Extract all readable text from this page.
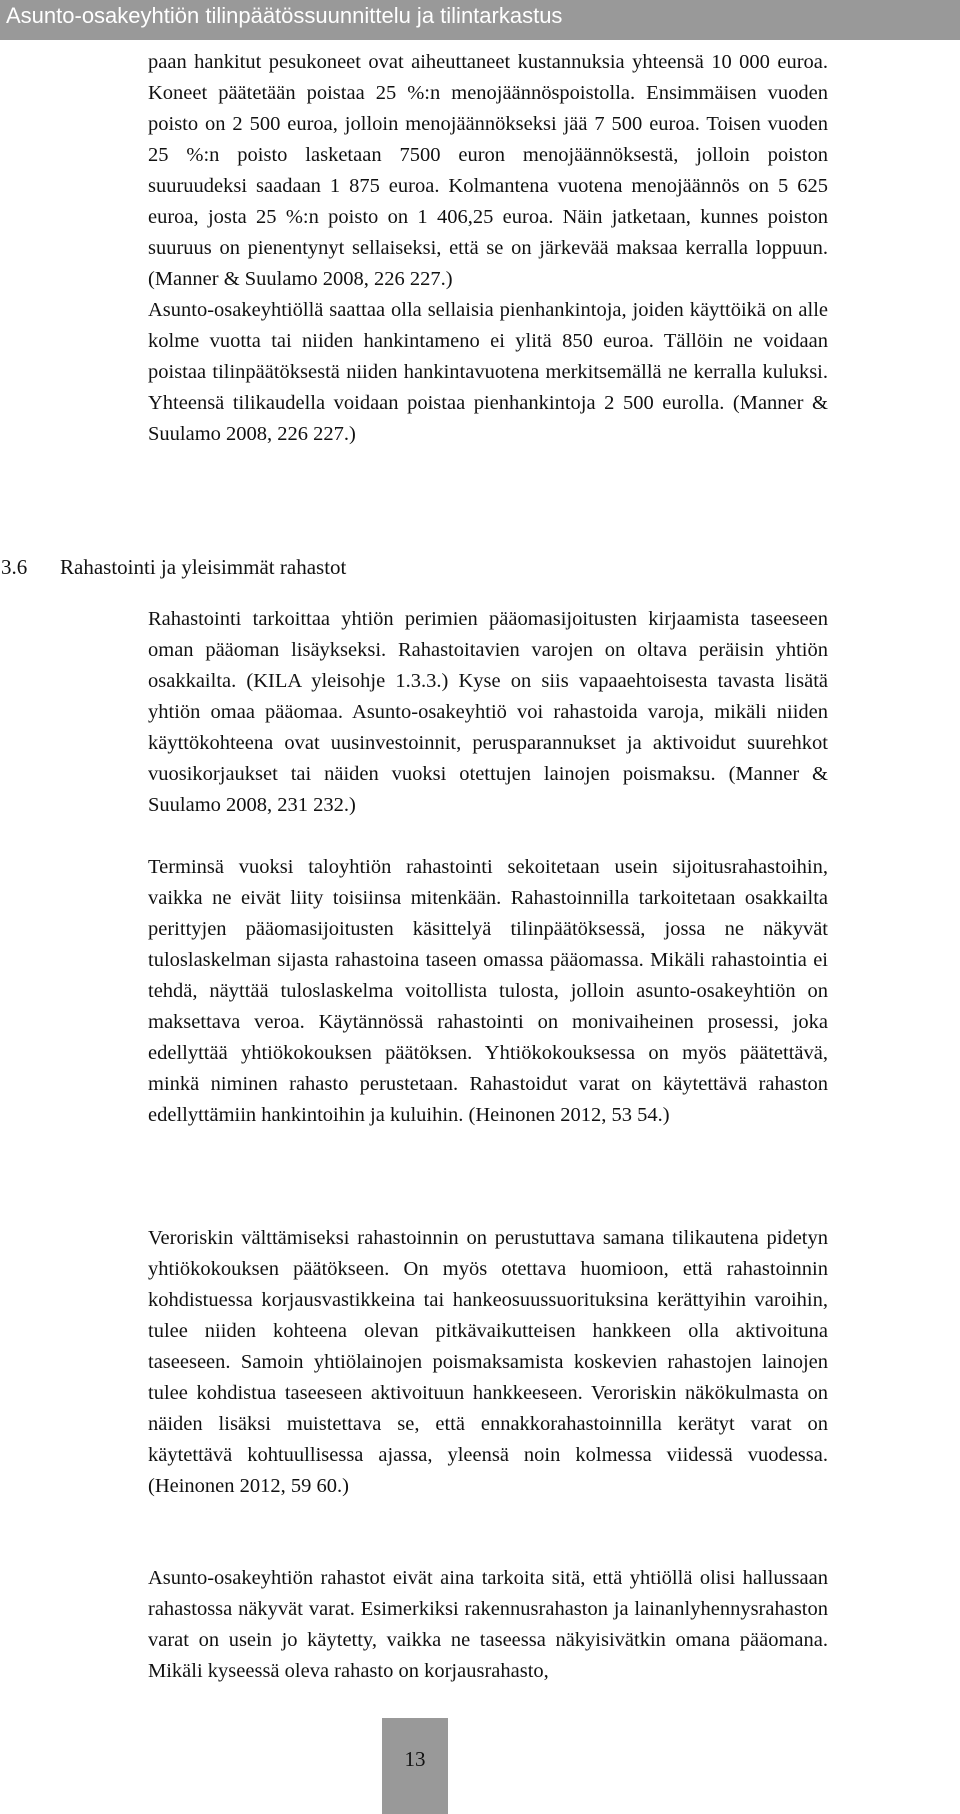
Asunto-osakeyhtiön tilinpäätössuunnittelu ja tilintarkastus

paan hankitut pesukoneet ovat aiheuttaneet kustannuksia yhteensä 10 000 euroa. Koneet päätetään poistaa 25 %:n menojäännöspoistolla. Ensimmäisen vuoden poisto on 2 500 euroa, jolloin menojäännökseksi jää 7 500 euroa. Toisen vuoden 25 %:n poisto lasketaan 7500 euron menojäännöksestä, jolloin poiston suuruudeksi saadaan 1 875 euroa. Kolmantena vuotena menojäännös on 5 625 euroa, josta 25 %:n poisto on 1 406,25 euroa. Näin jatketaan, kunnes poiston suuruus on pienentynyt sellaiseksi, että se on järkevää maksaa kerralla loppuun. (Manner & Suulamo 2008, 226 227.)

Asunto-osakeyhtiöllä saattaa olla sellaisia pienhankintoja, joiden käyttöikä on alle kolme vuotta tai niiden hankintameno ei ylitä 850 euroa. Tällöin ne voidaan poistaa tilinpäätöksestä niiden hankintavuotena merkitsemällä ne kerralla kuluksi. Yhteensä tilikaudella voidaan poistaa pienhankintoja 2 500 eurolla. (Manner & Suulamo 2008, 226 227.)

3.6 Rahastointi ja yleisimmät rahastot

Rahastointi tarkoittaa yhtiön perimien pääomasijoitusten kirjaamista taseeseen oman pääoman lisäykseksi. Rahastoitavien varojen on oltava peräisin yhtiön osakkailta. (KILA yleisohje 1.3.3.) Kyse on siis vapaaehtoisesta tavasta lisätä yhtiön omaa pääomaa. Asunto-osakeyhtiö voi rahastoida varoja, mikäli niiden käyttökohteena ovat uusinvestoinnit, perusparannukset ja aktivoidut suurehkot vuosikorjaukset tai näiden vuoksi otettujen lainojen poismaksu. (Manner & Suulamo 2008, 231 232.)

Terminsä vuoksi taloyhtiön rahastointi sekoitetaan usein sijoitusrahastoihin, vaikka ne eivät liity toisiinsa mitenkään. Rahastoinnilla tarkoitetaan osakkailta perittyjen pääomasijoitusten käsittelyä tilinpäätöksessä, jossa ne näkyvät tuloslaskelman sijasta rahastoina taseen omassa pääomassa. Mikäli rahastointia ei tehdä, näyttää tuloslaskelma voitollista tulosta, jolloin asunto-osakeyhtiön on maksettava veroa. Käytännössä rahastointi on monivaiheinen prosessi, joka edellyttää yhtiökokouksen päätöksen. Yhtiökokouksessa on myös päätettävä, minkä niminen rahasto perustetaan. Rahastoidut varat on käytettävä rahaston edellyttämiin hankintoihin ja kuluihin. (Heinonen 2012, 53 54.)

Veroriskin välttämiseksi rahastoinnin on perustuttava samana tilikautena pidetyn yhtiökokouksen päätökseen. On myös otettava huomioon, että rahastoinnin kohdistuessa korjausvastikkeina tai hankeosuussuorituksina kerättyihin varoihin, tulee niiden kohteena olevan pitkävaikutteisen hankkeen olla aktivoituna taseeseen. Samoin yhtiölainojen poismaksamista koskevien rahastojen lainojen tulee kohdistua taseeseen aktivoituun hankkeeseen. Veroriskin näkökulmasta on näiden lisäksi muistettava se, että ennakkorahastoinnilla kerätyt varat on käytettävä kohtuullisessa ajassa, yleensä noin kolmessa viidessä vuodessa. (Heinonen 2012, 59 60.)

Asunto-osakeyhtiön rahastot eivät aina tarkoita sitä, että yhtiöllä olisi hallussaan rahastossa näkyvät varat. Esimerkiksi rakennusrahaston ja lainanlyhennysrahaston varat on usein jo käytetty, vaikka ne taseessa näkyisivätkin omana pääomana. Mikäli kyseessä oleva rahasto on korjausrahasto,

13
